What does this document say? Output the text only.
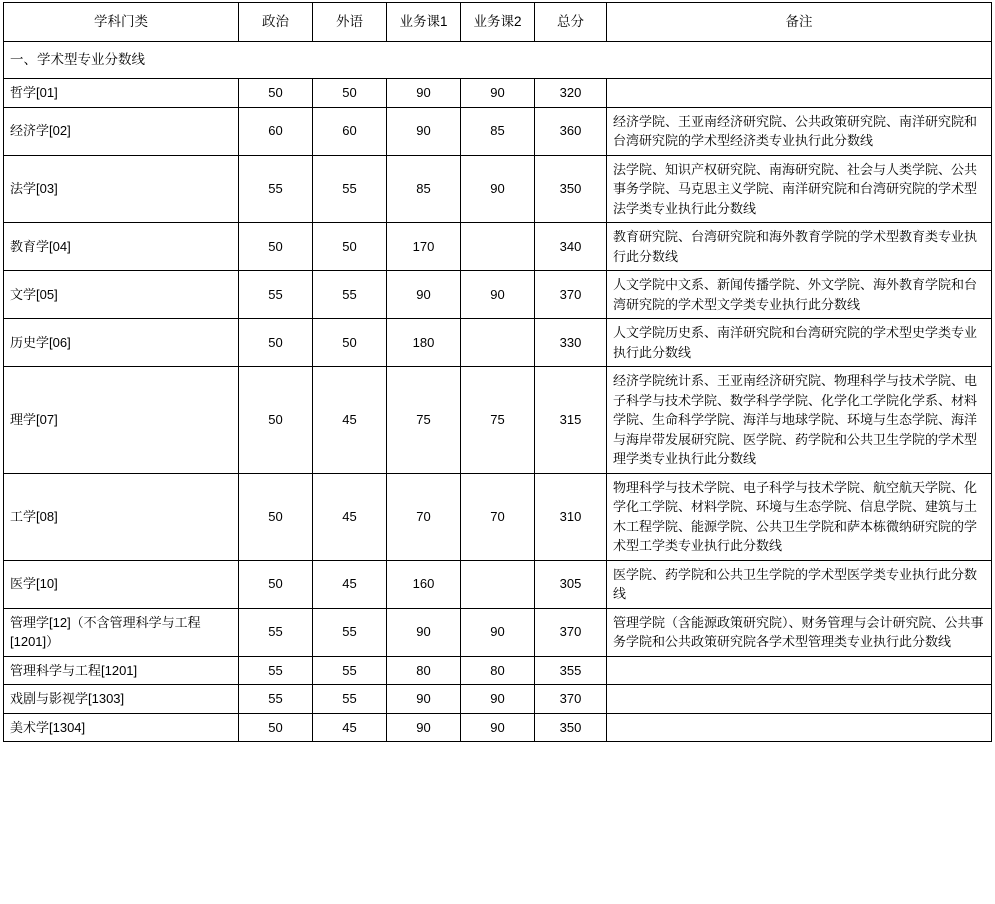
学科门类	政治	外语	业务课1	业务课2	总分	备注
一、学术型专业分数线						
哲学[01]	50	50	90	90	320	
经济学[02]	60	60	90	85	360	经济学院、王亚南经济研究院、公共政策研究院、南洋研究院和台湾研究院的学术型经济类专业执行此分数线
法学[03]	55	55	85	90	350	法学院、知识产权研究院、南海研究院、社会与人类学院、公共事务学院、马克思主义学院、南洋研究院和台湾研究院的学术型法学类专业执行此分数线
教育学[04]	50	50	170		340	教育研究院、台湾研究院和海外教育学院的学术型教育类专业执行此分数线
文学[05]	55	55	90	90	370	人文学院中文系、新闻传播学院、外文学院、海外教育学院和台湾研究院的学术型文学类专业执行此分数线
历史学[06]	50	50	180		330	人文学院历史系、南洋研究院和台湾研究院的学术型史学类专业执行此分数线
理学[07]	50	45	75	75	315	经济学院统计系、王亚南经济研究院、物理科学与技术学院、电子科学与技术学院、数学科学学院、化学化工学院化学系、材料学院、生命科学学院、海洋与地球学院、环境与生态学院、海洋与海岸带发展研究院、医学院、药学院和公共卫生学院的学术型理学类专业执行此分数线
工学[08]	50	45	70	70	310	物理科学与技术学院、电子科学与技术学院、航空航天学院、化学化工学院、材料学院、环境与生态学院、信息学院、建筑与土木工程学院、能源学院、公共卫生学院和萨本栋微纳研究院的学术型工学类专业执行此分数线
医学[10]	50	45	160		305	医学院、药学院和公共卫生学院的学术型医学类专业执行此分数线
管理学[12]（不含管理科学与工程[1201]）	55	55	90	90	370	管理学院（含能源政策研究院）、财务管理与会计研究院、公共事务学院和公共政策研究院各学术型管理类专业执行此分数线
管理科学与工程[1201]	55	55	80	80	355	
戏剧与影视学[1303]	55	55	90	90	370	
美术学[1304]	50	45	90	90	350	
